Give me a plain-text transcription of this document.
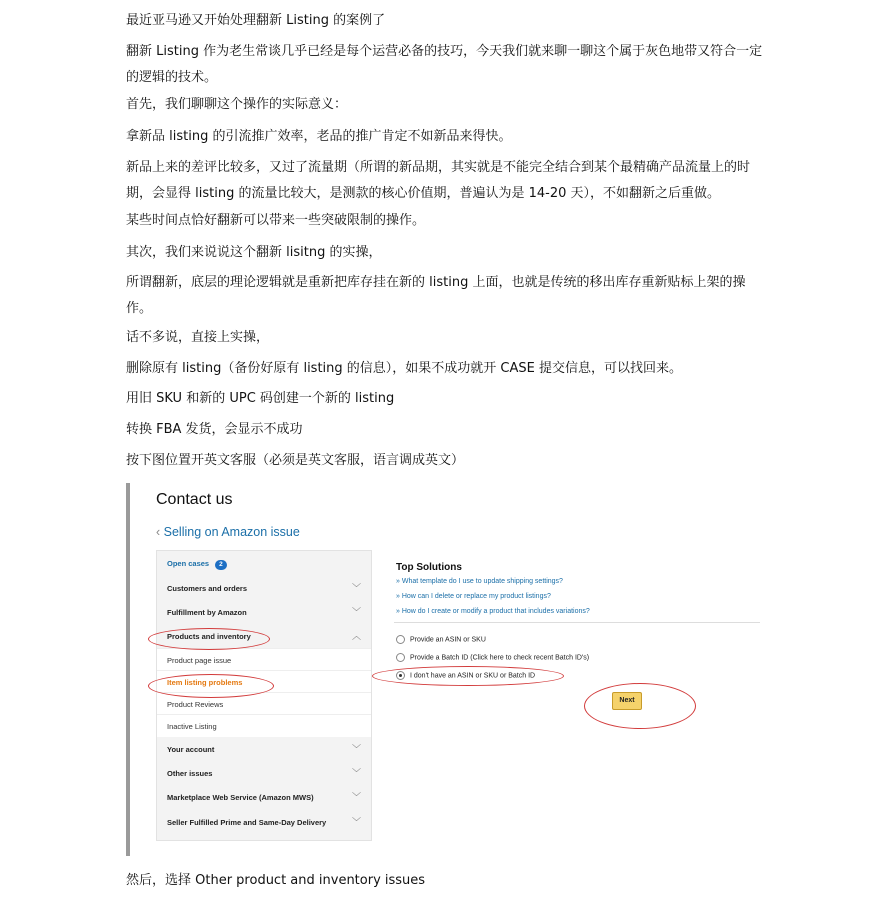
最近亚马逊又开始处理翻新 Listing 的案例了

翻新 Listing 作为老生常谈几乎已经是每个运营必备的技巧，今天我们就来聊一聊这个属于灰色地带又符合一定的逻辑的技术。

首先，我们聊聊这个操作的实际意义：

拿新品 listing 的引流推广效率，老品的推广肯定不如新品来得快。

新品上来的差评比较多，又过了流量期（所谓的新品期，其实就是不能完全结合到某个最精确产品流量上的时期，会显得 listing 的流量比较大，是测款的核心价值期，普遍认为是 14-20 天），不如翻新之后重做。

某些时间点恰好翻新可以带来一些突破限制的操作。

其次，我们来说说这个翻新 lisitng 的实操，

所谓翻新，底层的理论逻辑就是重新把库存挂在新的 listing 上面，也就是传统的移出库存重新贴标上架的操作。

话不多说，直接上实操，

删除原有 listing（备份好原有 listing 的信息），如果不成功就开 CASE 提交信息，可以找回来。

用旧 SKU 和新的 UPC 码创建一个新的 listing

转换 FBA 发货，会显示不成功

按下图位置开英文客服（必须是英文客服，语言调成英文）

Contact us
‹ Selling on Amazon issue
Open cases 2
Customers and orders	﹀
Fulfillment by Amazon	﹀
Products and inventory	︿
Product page issue
Item listing problems
Product Reviews
Inactive Listing
Your account	﹀
Other issues	﹀
Marketplace Web Service (Amazon MWS)	﹀
Seller Fulfilled Prime and Same-Day Delivery	﹀
Top Solutions
» What template do I use to update shipping settings?
» How can I delete or replace my product listings?
» How do I create or modify a product that includes variations?
Provide an ASIN or SKU
Provide a Batch ID (Click here to check recent Batch ID's)
I don't have an ASIN or SKU or Batch ID
Next

然后，选择 Other product and inventory issues
